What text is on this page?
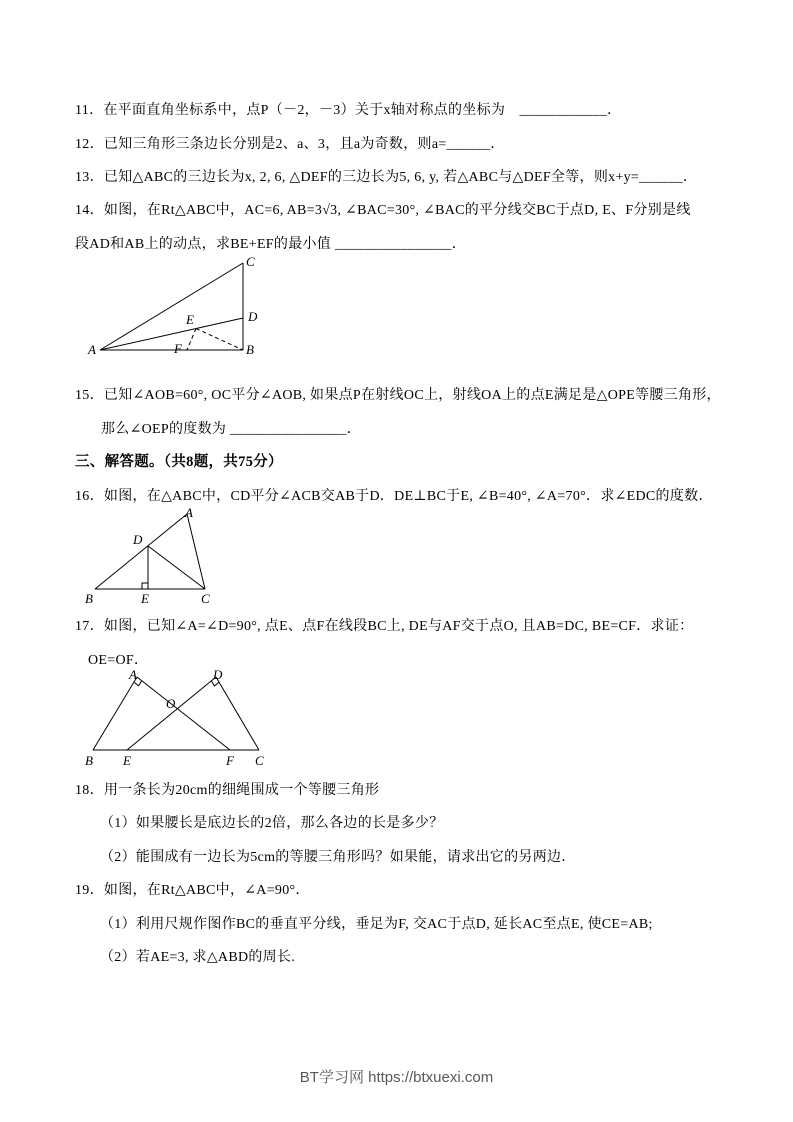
11．在平面直角坐标系中，点P（－2，－3）关于x轴对称点的坐标为　____________．
12．已知三角形三条边长分别是2、a、3，且a为奇数，则a=______．
13．已知△ABC的三边长为x, 2, 6, △DEF的三边长为5, 6, y, 若△ABC与△DEF全等，则x+y=______．
14．如图，在Rt△ABC中，AC=6, AB=3√3, ∠BAC=30°, ∠BAC的平分线交BC于点D, E、F分别是线
段AD和AB上的动点，求BE+EF的最小值 ________________．
A	B
C
D
E
F
15．已知∠AOB=60°, OC平分∠AOB, 如果点P在射线OC上，射线OA上的点E满足是△OPE等腰三角形，
那么∠OEP的度数为 ________________．
三、解答题。（共8题，共75分）
16．如图，在△ABC中，CD平分∠ACB交AB于D．DE⊥BC于E, ∠B=40°, ∠A=70°．求∠EDC的度数．
B
A
D
E	C
17．如图，已知∠A=∠D=90°, 点E、点F在线段BC上, DE与AF交于点O, 且AB=DC, BE=CF．求证：
OE=OF．
A	D
O
B E	F C
18．用一条长为20cm的细绳围成一个等腰三角形
（1）如果腰长是底边长的2倍，那么各边的长是多少？
（2）能围成有一边长为5cm的等腰三角形吗？如果能，请求出它的另两边．
19．如图，在Rt△ABC中，∠A=90°．
（1）利用尺规作图作BC的垂直平分线，垂足为F, 交AC于点D, 延长AC至点E, 使CE=AB;
（2）若AE=3, 求△ABD的周长.
BT学习网 https://btxuexi.com
